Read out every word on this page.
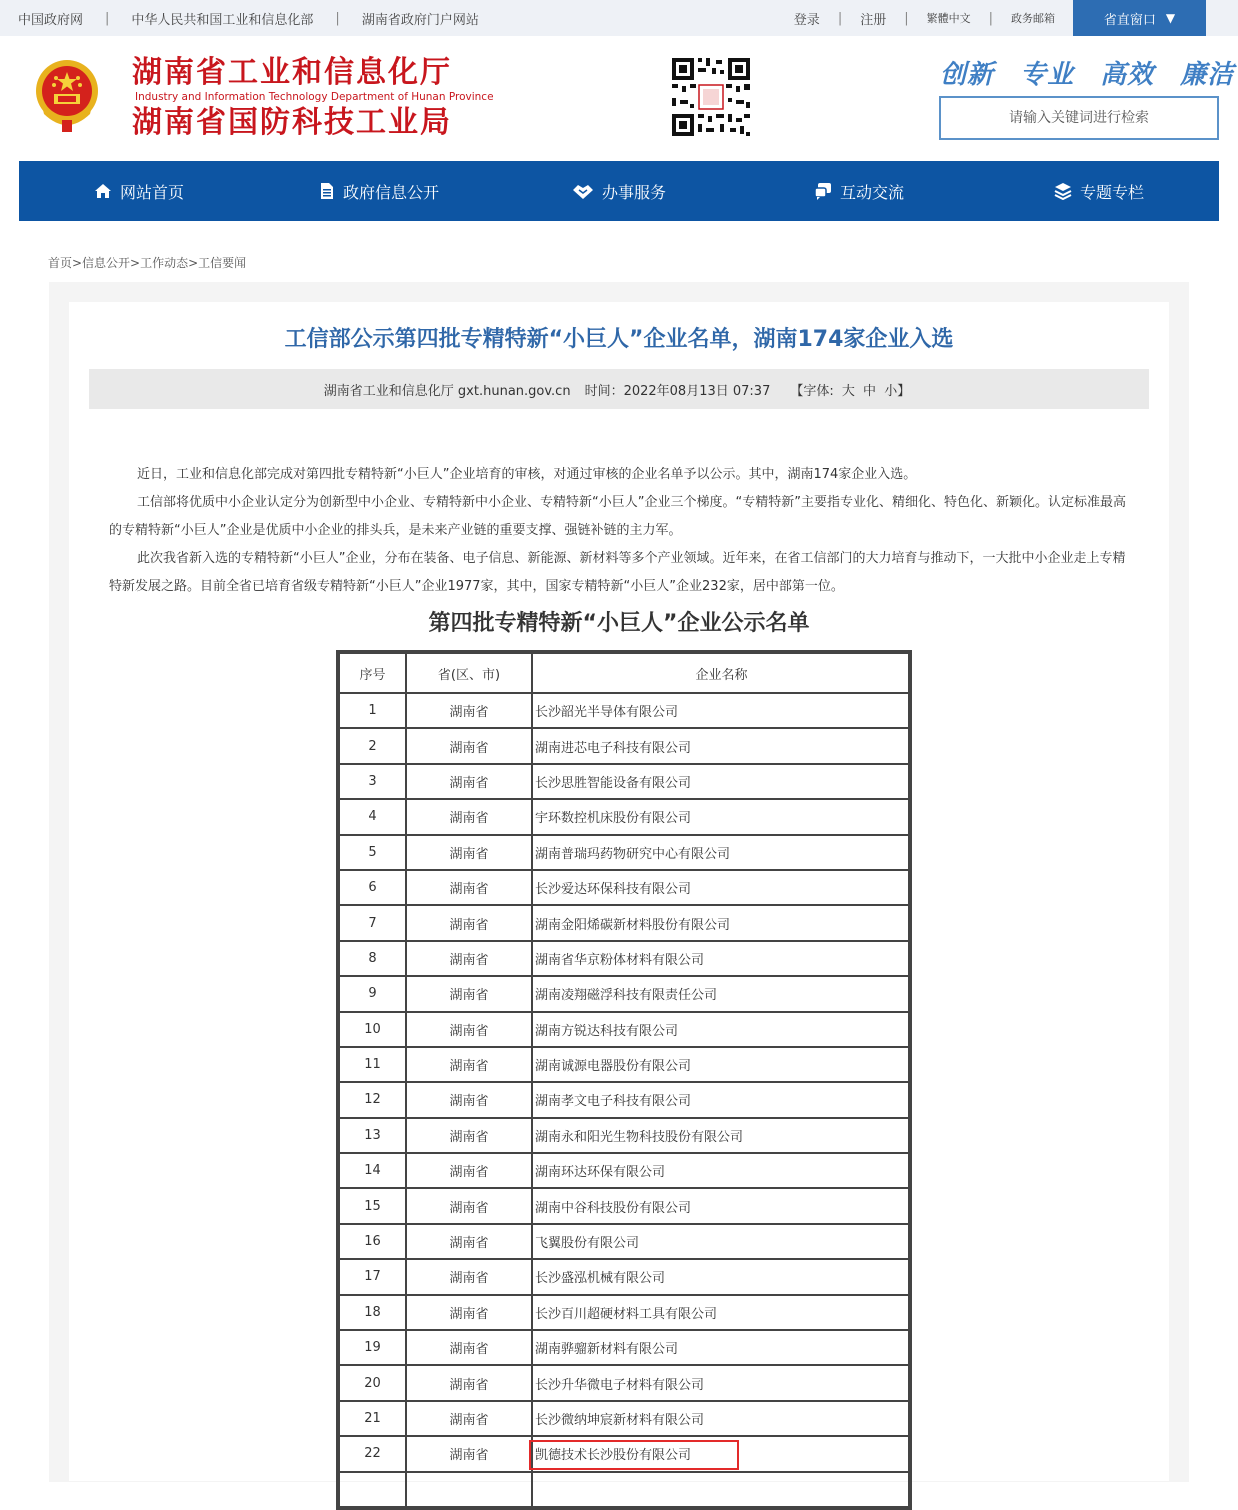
中国政府网 | 中华人民共和国工业和信息化部 | 湖南省政府门户网站	登录 | 注册 | 繁體中文 | 政务邮箱	省直窗口 ▼
湖南省工业和信息化厅
Industry and Information Technology Department of Hunan Province
湖南省国防科技工业局
创新 专业 高效 廉洁
请输入关键词进行检索
网站首页	政府信息公开	办事服务	互动交流	专题专栏
首页>信息公开>工作动态>工信要闻
工信部公示第四批专精特新“小巨人”企业名单，湖南174家企业入选
湖南省工业和信息化厅 gxt.hunan.gov.cn 时间：2022年08月13日 07:37 【字体: 大 中 小】

近日，工业和信息化部完成对第四批专精特新“小巨人”企业培育的审核，对通过审核的企业名单予以公示。其中，湖南174家企业入选。

工信部将优质中小企业认定分为创新型中小企业、专精特新中小企业、专精特新“小巨人”企业三个梯度。“专精特新”主要指专业化、精细化、特色化、新颖化。认定标准最高的专精特新“小巨人”企业是优质中小企业的排头兵，是未来产业链的重要支撑、强链补链的主力军。

此次我省新入选的专精特新“小巨人”企业，分布在装备、电子信息、新能源、新材料等多个产业领域。近年来，在省工信部门的大力培育与推动下，一大批中小企业走上专精特新发展之路。目前全省已培育省级专精特新“小巨人”企业1977家，其中，国家专精特新“小巨人”企业232家，居中部第一位。

第四批专精特新“小巨人”企业公示名单
序号	省(区、市)	企业名称
1	湖南省	长沙韶光半导体有限公司
2	湖南省	湖南进芯电子科技有限公司
3	湖南省	长沙思胜智能设备有限公司
4	湖南省	宇环数控机床股份有限公司
5	湖南省	湖南普瑞玛药物研究中心有限公司
6	湖南省	长沙爱达环保科技有限公司
7	湖南省	湖南金阳烯碳新材料股份有限公司
8	湖南省	湖南省华京粉体材料有限公司
9	湖南省	湖南凌翔磁浮科技有限责任公司
10	湖南省	湖南方锐达科技有限公司
11	湖南省	湖南诚源电器股份有限公司
12	湖南省	湖南孝文电子科技有限公司
13	湖南省	湖南永和阳光生物科技股份有限公司
14	湖南省	湖南环达环保有限公司
15	湖南省	湖南中谷科技股份有限公司
16	湖南省	飞翼股份有限公司
17	湖南省	长沙盛泓机械有限公司
18	湖南省	长沙百川超硬材料工具有限公司
19	湖南省	湖南骅骝新材料有限公司
20	湖南省	长沙升华微电子材料有限公司
21	湖南省	长沙微纳坤宸新材料有限公司
22	湖南省	凯德技术长沙股份有限公司
